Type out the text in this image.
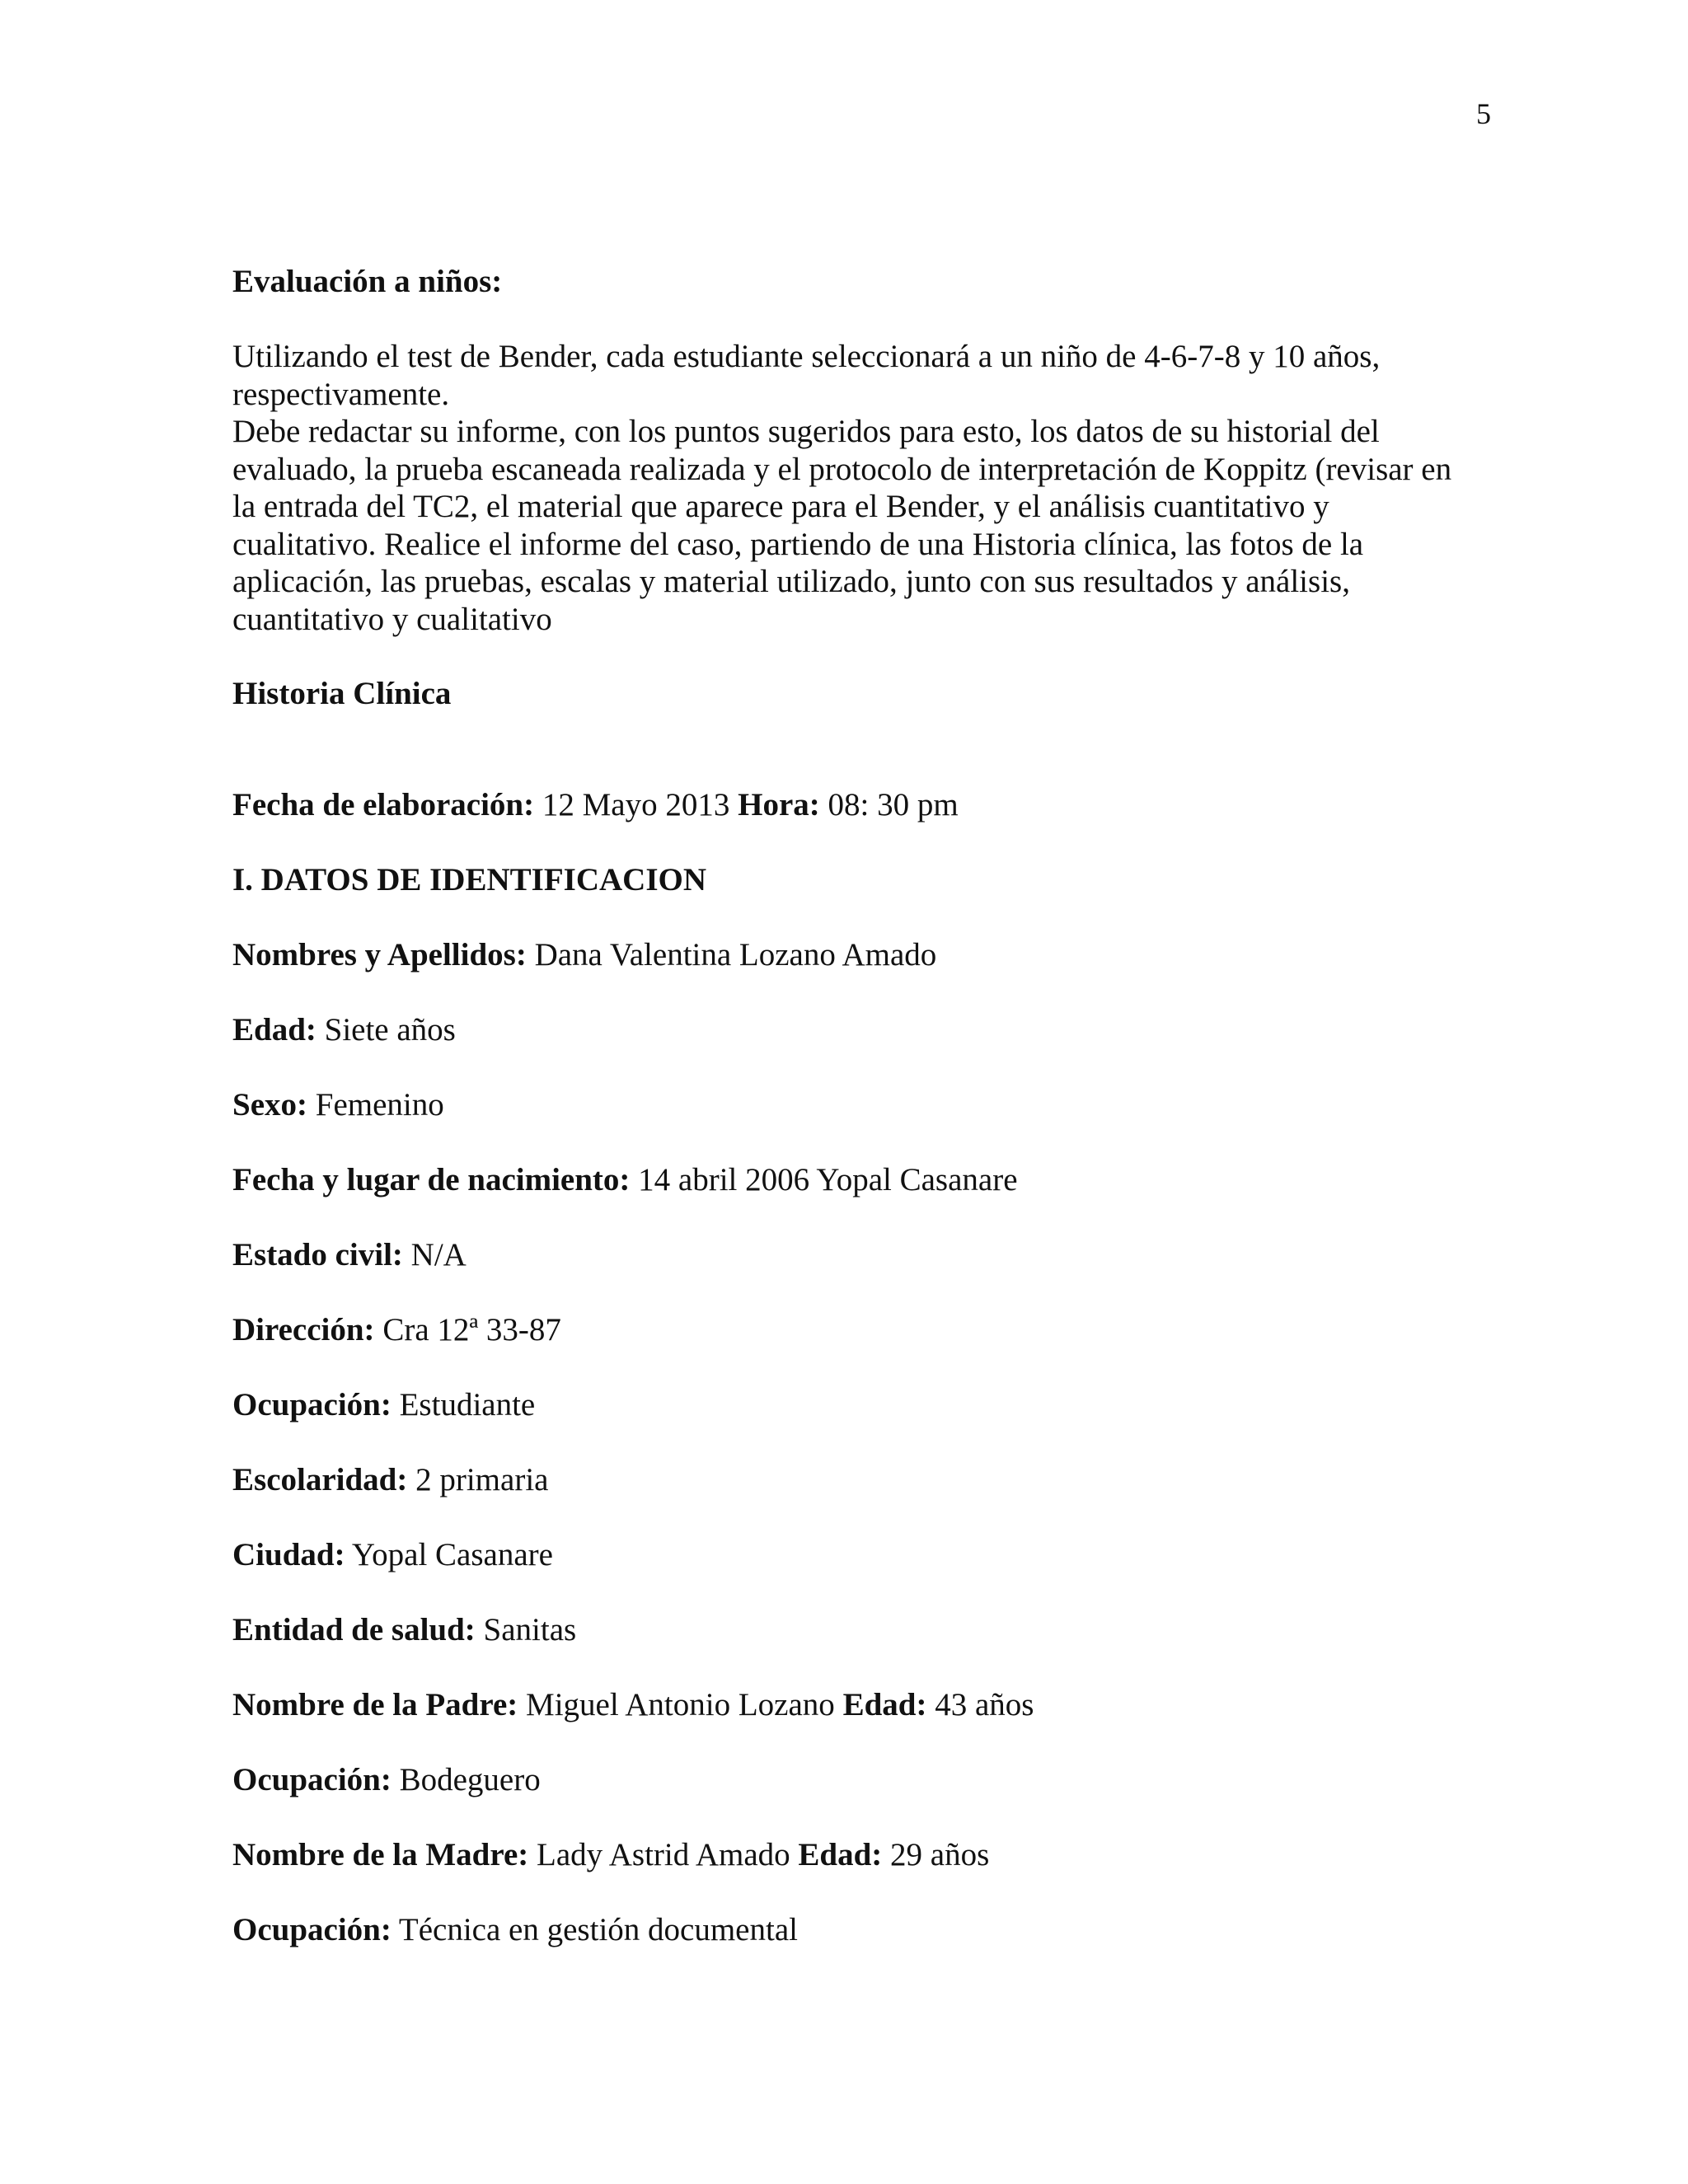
5

Evaluación a niños:

Utilizando el test de Bender, cada estudiante seleccionará a un niño de 4-6-7-8 y 10 años,

respectivamente.

Debe redactar su informe, con los puntos sugeridos para esto, los datos de su historial del

evaluado, la prueba escaneada realizada y el protocolo de interpretación de Koppitz (revisar en

la entrada del TC2, el material que aparece para el Bender, y el análisis cuantitativo y

cualitativo. Realice el informe del caso, partiendo de una Historia clínica, las fotos de la

aplicación, las pruebas, escalas y material utilizado, junto con sus resultados y análisis,

cuantitativo y cualitativo

Historia Clínica

Fecha de elaboración: 12 Mayo 2013 Hora: 08: 30 pm

I. DATOS DE IDENTIFICACION

Nombres y Apellidos: Dana Valentina Lozano Amado

Edad: Siete años

Sexo: Femenino

Fecha y lugar de nacimiento: 14 abril 2006 Yopal Casanare

Estado civil: N/A

Dirección: Cra 12ª 33-87

Ocupación: Estudiante

Escolaridad: 2 primaria

Ciudad: Yopal Casanare

Entidad de salud: Sanitas

Nombre de la Padre: Miguel Antonio Lozano Edad: 43 años

Ocupación: Bodeguero

Nombre de la Madre: Lady Astrid Amado Edad: 29 años

Ocupación: Técnica en gestión documental
